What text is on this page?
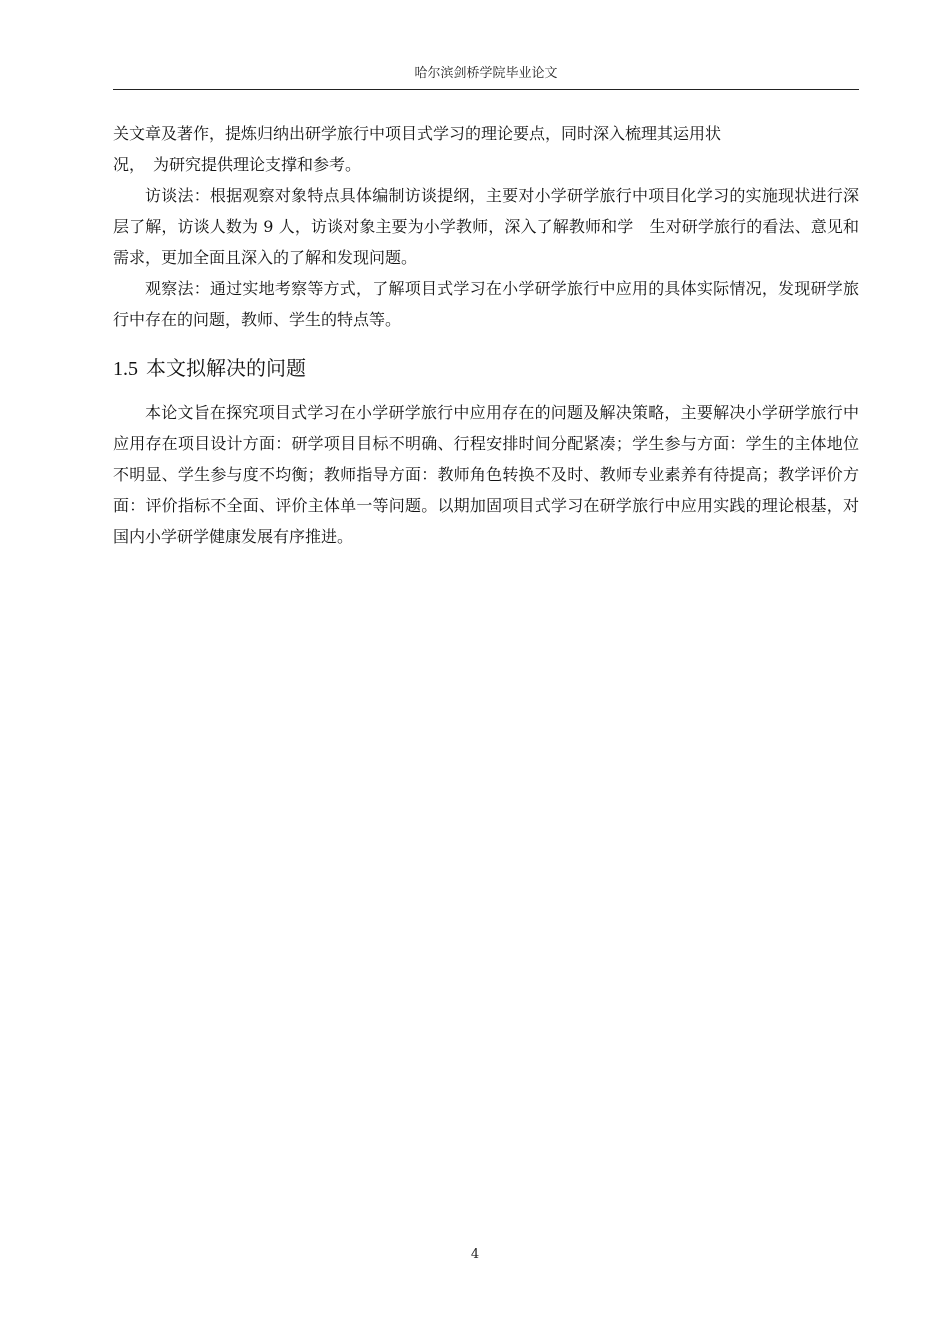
哈尔滨剑桥学院毕业论文

关文章及著作，提炼归纳出研学旅行中项目式学习的理论要点，同时深入梳理其运用状

况，　为研究提供理论支撑和参考。

访谈法：根据观察对象特点具体编制访谈提纲，主要对小学研学旅行中项目化学习的实施现状进行深层了解，访谈人数为 9 人，访谈对象主要为小学教师，深入了解教师和学　生对研学旅行的看法、意见和需求，更加全面且深入的了解和发现问题。

观察法：通过实地考察等方式，了解项目式学习在小学研学旅行中应用的具体实际情况，发现研学旅行中存在的问题，教师、学生的特点等。

1.5 本文拟解决的问题

本论文旨在探究项目式学习在小学研学旅行中应用存在的问题及解决策略，主要解决小学研学旅行中应用存在项目设计方面：研学项目目标不明确、行程安排时间分配紧凑；学生参与方面：学生的主体地位不明显、学生参与度不均衡；教师指导方面：教师角色转换不及时、教师专业素养有待提高；教学评价方面：评价指标不全面、评价主体单一等问题。以期加固项目式学习在研学旅行中应用实践的理论根基，对国内小学研学健康发展有序推进。

4
